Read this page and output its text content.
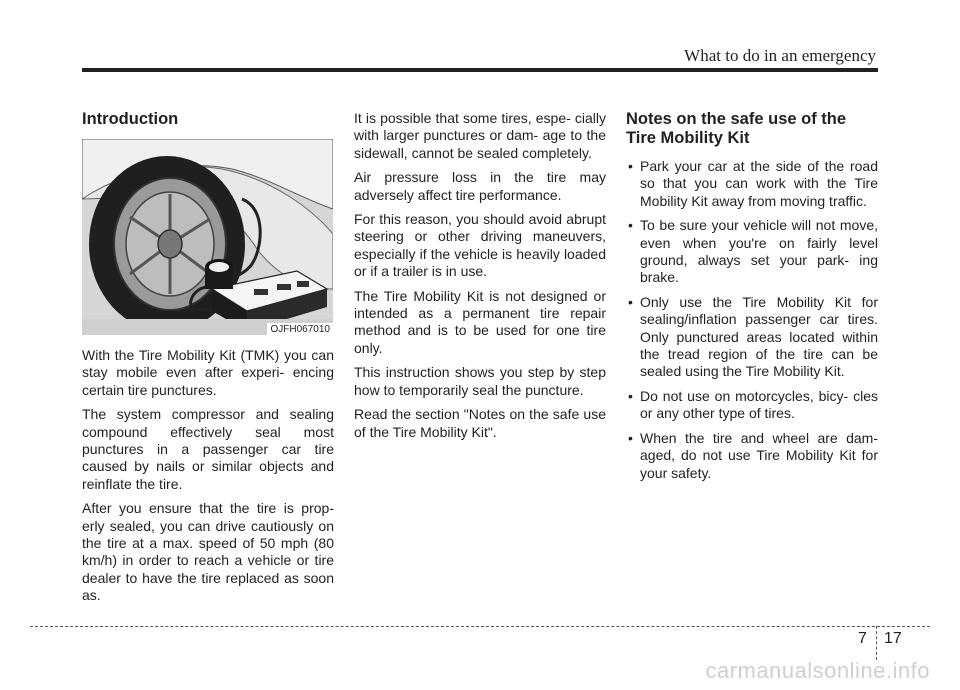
What to do in an emergency
Introduction
OJFH067010

With the Tire Mobility Kit (TMK) you can stay mobile even after experi- encing certain tire punctures.

The system compressor and sealing compound effectively seal most punctures in a passenger car tire caused by nails or similar objects and reinflate the tire.

After you ensure that the tire is prop- erly sealed, you can drive cautiously on the tire at a max. speed of 50 mph (80 km/h) in order to reach a vehicle or tire dealer to have the tire replaced as soon as.

It is possible that some tires, espe- cially with larger punctures or dam- age to the sidewall, cannot be sealed completely.

Air pressure loss in the tire may adversely affect tire performance.

For this reason, you should avoid abrupt steering or other driving maneuvers, especially if the vehicle is heavily loaded or if a trailer is in use.

The Tire Mobility Kit is not designed or intended as a permanent tire repair method and is to be used for one tire only.

This instruction shows you step by step how to temporarily seal the puncture.

Read the section "Notes on the safe use of the Tire Mobility Kit".

Notes on the safe use of the Tire Mobility Kit
• Park your car at the side of the road so that you can work with the Tire Mobility Kit away from moving traffic.
• To be sure your vehicle will not move, even when you're on fairly level ground, always set your park- ing brake.
• Only use the Tire Mobility Kit for sealing/inflation passenger car tires. Only punctured areas located within the tread region of the tire can be sealed using the Tire Mobility Kit.
• Do not use on motorcycles, bicy- cles or any other type of tires.
• When the tire and wheel are dam- aged, do not use Tire Mobility Kit for your safety.
7 17
carmanualsonline.info
